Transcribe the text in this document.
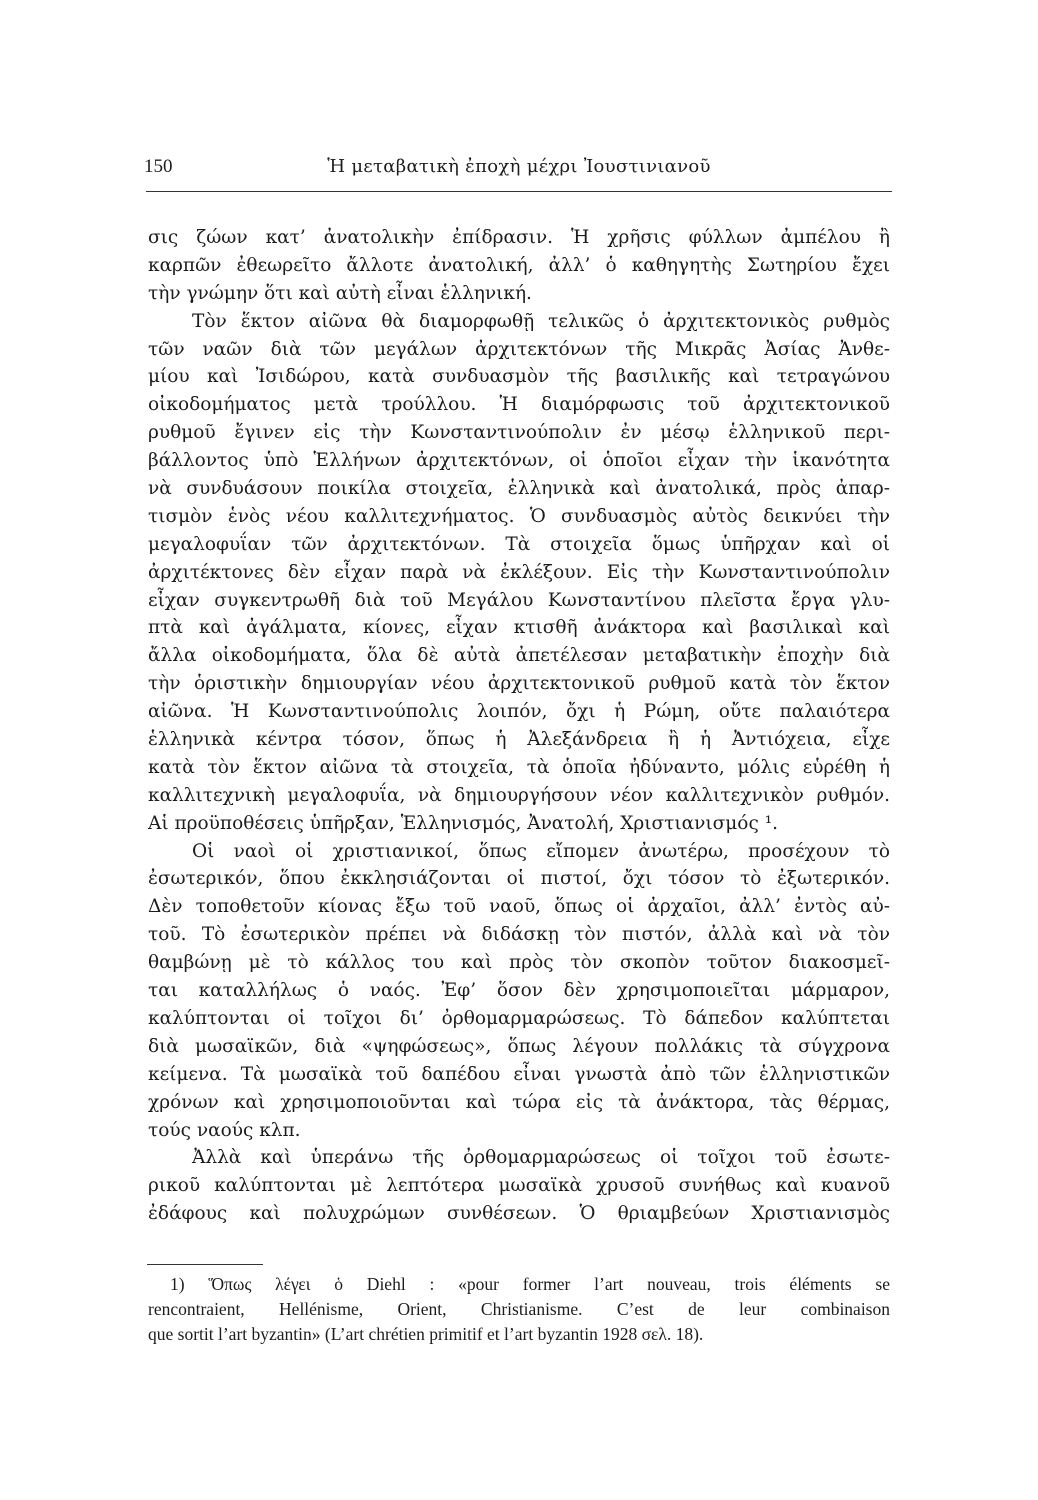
150	Ἡ μεταβατικὴ ἐποχὴ μέχρι Ἰουστινιανοῦ
σις ζώων κατ’ ἀνατολικὴν ἐπίδρασιν. Ἡ χρῆσις φύλλων ἀμπέλου ἢ
καρπῶν ἐθεωρεῖτο ἄλλοτε ἀνατολική, ἀλλ’ ὁ καθηγητὴς Σωτηρίου ἔχει
τὴν γνώμην ὅτι καὶ αὐτὴ εἶναι ἑλληνική.
Τὸν ἕκτον αἰῶνα θὰ διαμορφωθῇ τελικῶς ὁ ἀρχιτεκτονικὸς ρυθμὸς
τῶν ναῶν διὰ τῶν μεγάλων ἀρχιτεκτόνων τῆς Μικρᾶς Ἀσίας Ἀνθε-
μίου καὶ Ἰσιδώρου, κατὰ συνδυασμὸν τῆς βασιλικῆς καὶ τετραγώνου
οἰκοδομήματος μετὰ τρούλλου. Ἡ διαμόρφωσις τοῦ ἀρχιτεκτονικοῦ
ρυθμοῦ ἔγινεν εἰς τὴν Κωνσταντινούπολιν ἐν μέσῳ ἑλληνικοῦ περι-
βάλλοντος ὑπὸ Ἑλλήνων ἀρχιτεκτόνων, οἱ ὁποῖοι εἶχαν τὴν ἱκανότητα
νὰ συνδυάσουν ποικίλα στοιχεῖα, ἑλληνικὰ καὶ ἀνατολικά, πρὸς ἀπαρ-
τισμὸν ἑνὸς νέου καλλιτεχνήματος. Ὁ συνδυασμὸς αὐτὸς δεικνύει τὴν
μεγαλοφυΐαν τῶν ἀρχιτεκτόνων. Τὰ στοιχεῖα ὅμως ὑπῆρχαν καὶ οἱ
ἀρχιτέκτονες δὲν εἶχαν παρὰ νὰ ἐκλέξουν. Εἰς τὴν Κωνσταντινούπολιν
εἶχαν συγκεντρωθῆ διὰ τοῦ Μεγάλου Κωνσταντίνου πλεῖστα ἔργα γλυ-
πτὰ καὶ ἀγάλματα, κίονες, εἶχαν κτισθῆ ἀνάκτορα καὶ βασιλικαὶ καὶ
ἄλλα οἰκοδομήματα, ὅλα δὲ αὐτὰ ἀπετέλεσαν μεταβατικὴν ἐποχὴν διὰ
τὴν ὁριστικὴν δημιουργίαν νέου ἀρχιτεκτονικοῦ ρυθμοῦ κατὰ τὸν ἕκτον
αἰῶνα. Ἡ Κωνσταντινούπολις λοιπόν, ὄχι ἡ Ρώμη, οὔτε παλαιότερα
ἑλληνικὰ κέντρα τόσον, ὅπως ἡ Ἀλεξάνδρεια ἢ ἡ Ἀντιόχεια, εἶχε
κατὰ τὸν ἕκτον αἰῶνα τὰ στοιχεῖα, τὰ ὁποῖα ἠδύναντο, μόλις εὑρέθη ἡ
καλλιτεχνικὴ μεγαλοφυΐα, νὰ δημιουργήσουν νέον καλλιτεχνικὸν ρυθμόν.
Αἱ προϋποθέσεις ὑπῆρξαν, Ἑλληνισμός, Ἀνατολή, Χριστιανισμός ¹.
Οἱ ναοὶ οἱ χριστιανικοί, ὅπως εἴπομεν ἀνωτέρω, προσέχουν τὸ
ἐσωτερικόν, ὅπου ἐκκλησιάζονται οἱ πιστοί, ὄχι τόσον τὸ ἐξωτερικόν.
Δὲν τοποθετοῦν κίονας ἔξω τοῦ ναοῦ, ὅπως οἱ ἀρχαῖοι, ἀλλ’ ἐντὸς αὐ-
τοῦ. Τὸ ἐσωτερικὸν πρέπει νὰ διδάσκῃ τὸν πιστόν, ἀλλὰ καὶ νὰ τὸν
θαμβώνῃ μὲ τὸ κάλλος του καὶ πρὸς τὸν σκοπὸν τοῦτον διακοσμεῖ-
ται καταλλήλως ὁ ναός. Ἐφ’ ὅσον δὲν χρησιμοποιεῖται μάρμαρον,
καλύπτονται οἱ τοῖχοι δι’ ὀρθομαρμαρώσεως. Τὸ δάπεδον καλύπτεται
διὰ μωσαϊκῶν, διὰ «ψηφώσεως», ὅπως λέγουν πολλάκις τὰ σύγχρονα
κείμενα. Τὰ μωσαϊκὰ τοῦ δαπέδου εἶναι γνωστὰ ἀπὸ τῶν ἑλληνιστικῶν
χρόνων καὶ χρησιμοποιοῦνται καὶ τώρα εἰς τὰ ἀνάκτορα, τὰς θέρμας,
τούς ναούς κλπ.
Ἀλλὰ καὶ ὑπεράνω τῆς ὀρθομαρμαρώσεως οἱ τοῖχοι τοῦ ἐσωτε-
ρικοῦ καλύπτονται μὲ λεπτότερα μωσαϊκὰ χρυσοῦ συνήθως καὶ κυανοῦ
ἐδάφους καὶ πολυχρώμων συνθέσεων. Ὁ θριαμβεύων Χριστιανισμὸς
1) Ὅπως λέγει ὁ Diehl : «pour former l’art nouveau, trois éléments se
rencontraient, Hellénisme, Orient, Christianisme. C’est de leur combinaison
que sortit l’art byzantin» (L’art chrétien primitif et l’art byzantin 1928 σελ. 18).
